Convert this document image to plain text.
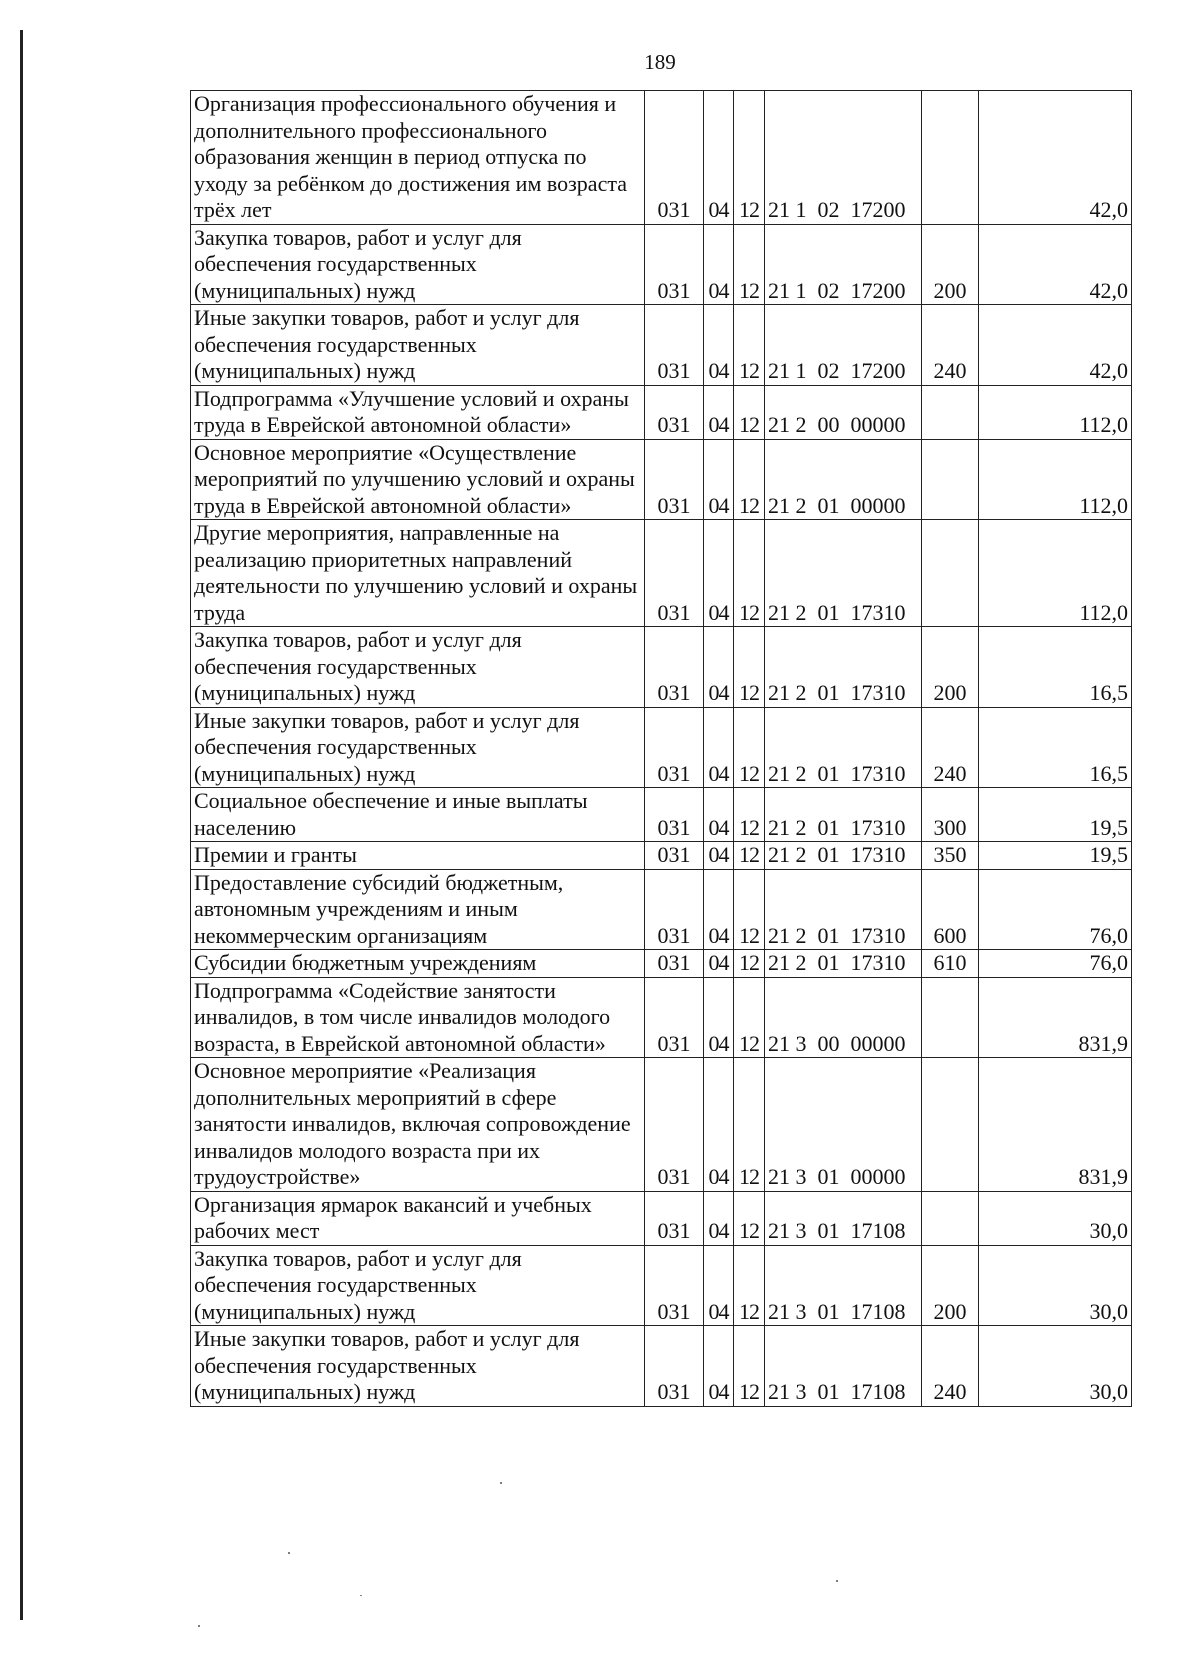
189
Организация профессионального обучения и дополнительного профессионального образования женщин в период отпуска по уходу за ребёнком до достижения им возраста трёх лет	031	04	12	21 1  02  17200		42,0
Закупка товаров, работ и услуг для обеспечения государственных (муниципальных) нужд	031	04	12	21 1  02  17200	200	42,0
Иные закупки товаров, работ и услуг для обеспечения государственных (муниципальных) нужд	031	04	12	21 1  02  17200	240	42,0
Подпрограмма «Улучшение условий и охраны труда в Еврейской автономной области»	031	04	12	21 2  00  00000		112,0
Основное мероприятие «Осуществление мероприятий по улучшению условий и охраны труда в Еврейской автономной области»	031	04	12	21 2  01  00000		112,0
Другие мероприятия, направленные на реализацию приоритетных направлений деятельности по улучшению условий и охраны труда	031	04	12	21 2  01  17310		112,0
Закупка товаров, работ и услуг для обеспечения государственных (муниципальных) нужд	031	04	12	21 2  01  17310	200	16,5
Иные закупки товаров, работ и услуг для обеспечения государственных (муниципальных) нужд	031	04	12	21 2  01  17310	240	16,5
Социальное обеспечение и иные выплаты населению	031	04	12	21 2  01  17310	300	19,5
Премии и гранты	031	04	12	21 2  01  17310	350	19,5
Предоставление субсидий бюджетным, автономным учреждениям и иным некоммерческим организациям	031	04	12	21 2  01  17310	600	76,0
Субсидии бюджетным учреждениям	031	04	12	21 2  01  17310	610	76,0
Подпрограмма «Содействие занятости инвалидов, в том числе инвалидов молодого возраста, в Еврейской автономной области»	031	04	12	21 3  00  00000		831,9
Основное мероприятие «Реализация дополнительных мероприятий в сфере занятости инвалидов, включая сопровождение инвалидов молодого возраста при их трудоустройстве»	031	04	12	21 3  01  00000		831,9
Организация ярмарок вакансий и учебных рабочих мест	031	04	12	21 3  01  17108		30,0
Закупка товаров, работ и услуг для обеспечения государственных (муниципальных) нужд	031	04	12	21 3  01  17108	200	30,0
Иные закупки товаров, работ и услуг для обеспечения государственных (муниципальных) нужд	031	04	12	21 3  01  17108	240	30,0
